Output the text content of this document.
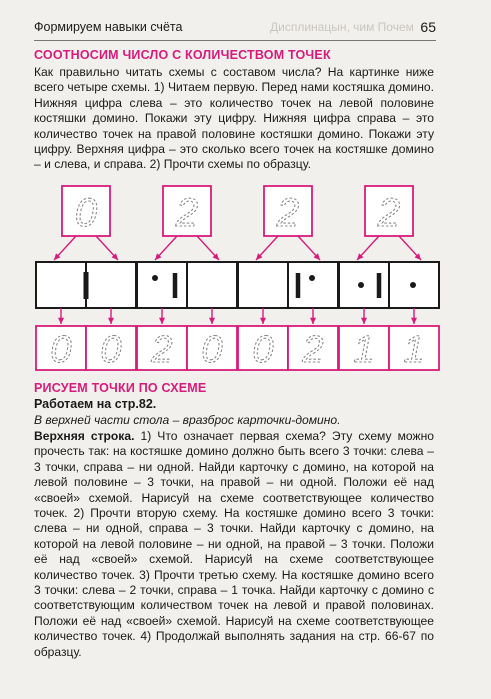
Формируем навыки счёта	Дисплинацын, чим Почем 65
СООТНОСИМ ЧИСЛО С КОЛИЧЕСТВОМ ТОЧЕК

Как правильно читать схемы с составом числа? На картинке ниже всего четыре схемы. 1) Читаем первую. Перед нами костяшка домино. Нижняя цифра слева – это количество точек на левой половине костяшки домино. Покажи эту цифру. Нижняя цифра справа – это количество точек на правой половине костяшки домино. Покажи эту цифру. Верхняя цифра – это сколько всего точек на костяшке домино – и слева, и справа. 2) Прочти схемы по образцу.

0
0 0
2
2 0
2
0 2
2
1 1
РИСУЕМ ТОЧКИ ПО СХЕМЕ

Работаем на стр.82.

В верхней части стола – вразброс карточки-домино.

Верхняя строка. 1) Что означает первая схема? Эту схему можно прочесть так: на костяшке домино должно быть всего 3 точки: слева – 3 точки, справа – ни одной. Найди карточку с домино, на которой на левой половине – 3 точки, на правой – ни одной. Положи её над «своей» схемой. Нарисуй на схеме соответствующее количество точек. 2) Прочти вторую схему. На костяшке домино всего 3 точки: слева – ни одной, справа – 3 точки. Найди карточку с домино, на которой на левой половине – ни одной, на правой – 3 точки. Положи её над «своей» схемой. Нарисуй на схеме соответствующее количество точек. 3) Прочти третью схему. На костяшке домино всего 3 точки: слева – 2 точки, справа – 1 точка. Найди карточку с домино с соответствующим количеством точек на левой и правой половинах. Положи её над «своей» схемой. Нарисуй на схеме соответствующее количество точек. 4) Продолжай выполнять задания на стр. 66-67 по образцу.
